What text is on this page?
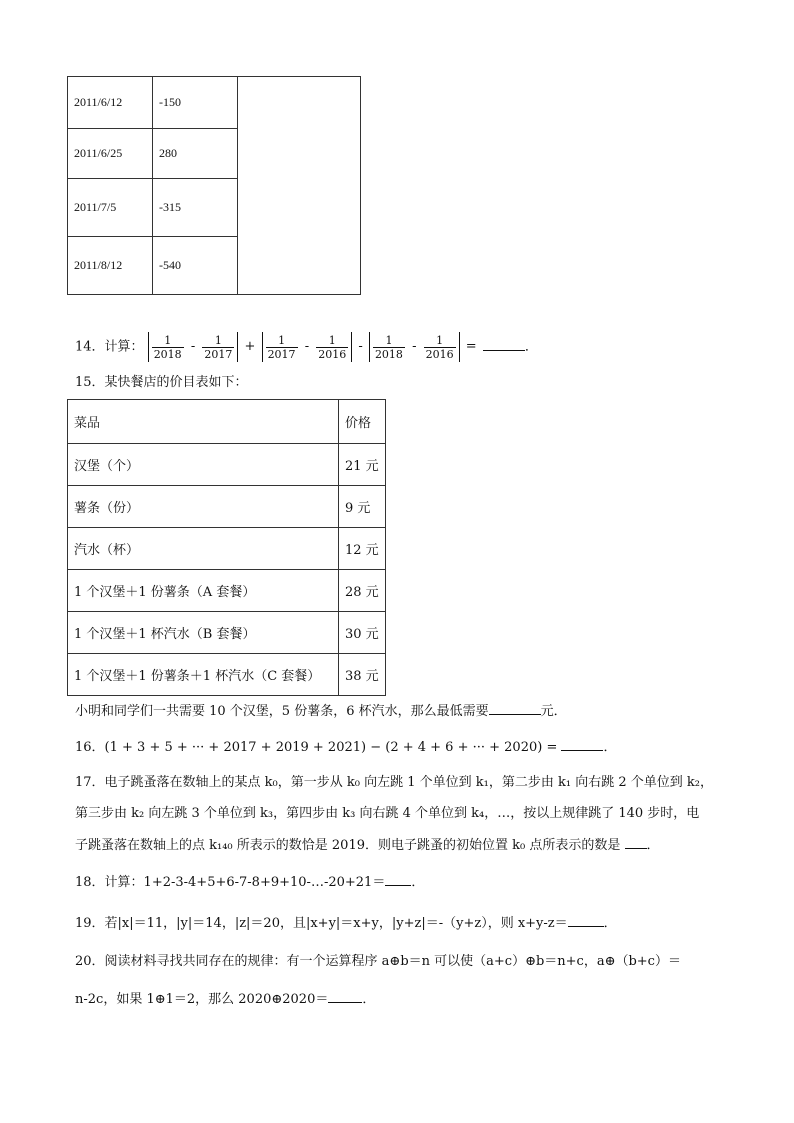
2011/6/12	-150	
2011/6/25	280	
2011/7/5	-315	
2011/8/12	-540	
14．计算： $\frac{1}{2018} - \frac{1}{2017} + \frac{1}{2017} - \frac{1}{2016} - \frac{1}{2018} - \frac{1}{2016}$ =	．
15．某快餐店的价目表如下：
菜品	价格
汉堡（个）	21 元
薯条（份）	9 元
汽水（杯）	12 元
1 个汉堡＋1 份薯条（A 套餐）	28 元
1 个汉堡＋1 杯汽水（B 套餐）	30 元
1 个汉堡＋1 份薯条＋1 杯汽水（C 套餐）	38 元
小明和同学们一共需要 10 个汉堡，5 份薯条，6 杯汽水，那么最低需要	元．
16．(1 + 3 + 5 + ··· + 2017 + 2019 + 2021) − (2 + 4 + 6 + ··· + 2020) =	．
17．电子跳蚤落在数轴上的某点 k₀，第一步从 k₀ 向左跳 1 个单位到 k₁，第二步由 k₁ 向右跳 2 个单位到 k₂，
第三步由 k₂ 向左跳 3 个单位到 k₃，第四步由 k₃ 向右跳 4 个单位到 k₄，…，按以上规律跳了 140 步时，电
子跳蚤落在数轴上的点 k₁₄₀ 所表示的数恰是 2019．则电子跳蚤的初始位置 k₀ 点所表示的数是 ．
18．计算：1+2-3-4+5+6-7-8+9+10-…-20+21＝ ．
19．若|x|＝11，|y|＝14，|z|＝20，且|x+y|＝x+y，|y+z|＝-（y+z），则 x+y-z＝	．
20．阅读材料寻找共同存在的规律：有一个运算程序 a⊕b＝n 可以使（a+c）⊕b＝n+c，a⊕（b+c）＝
n-2c，如果 1⊕1＝2，那么 2020⊕2020＝	．
